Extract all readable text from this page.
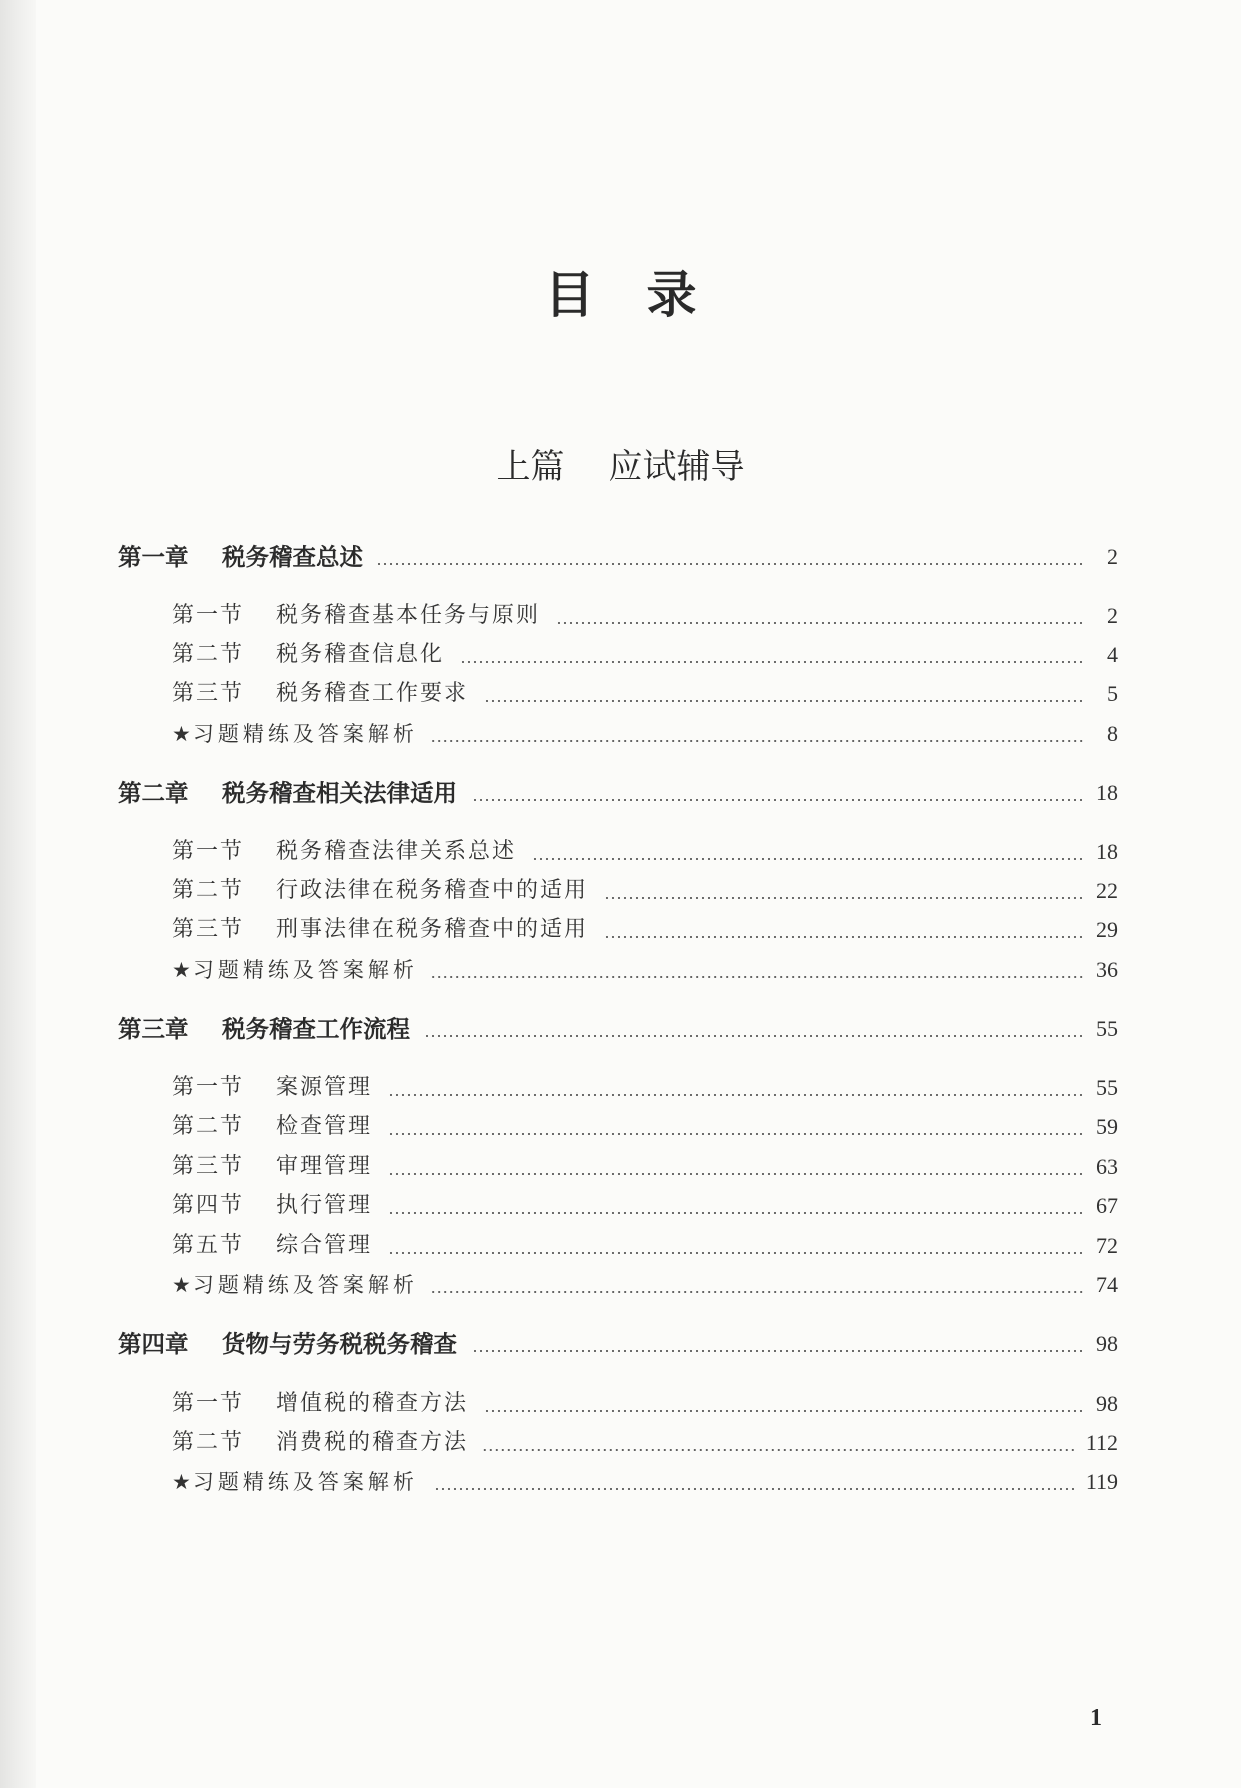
目录
上篇 应试辅导
第一章	税务稽查总述	2
第一节	税务稽查基本任务与原则	2
第二节	税务稽查信息化	4
第三节	税务稽查工作要求	5
★ 习题精练及答案解析	8
第二章	税务稽查相关法律适用	18
第一节	税务稽查法律关系总述	18
第二节	行政法律在税务稽查中的适用	22
第三节	刑事法律在税务稽查中的适用	29
★ 习题精练及答案解析	36
第三章	税务稽查工作流程	55
第一节	案源管理	55
第二节	检查管理	59
第三节	审理管理	63
第四节	执行管理	67
第五节	综合管理	72
★ 习题精练及答案解析	74
第四章	货物与劳务税税务稽查	98
第一节	增值税的稽查方法	98
第二节	消费税的稽查方法	112
★ 习题精练及答案解析	119
1
